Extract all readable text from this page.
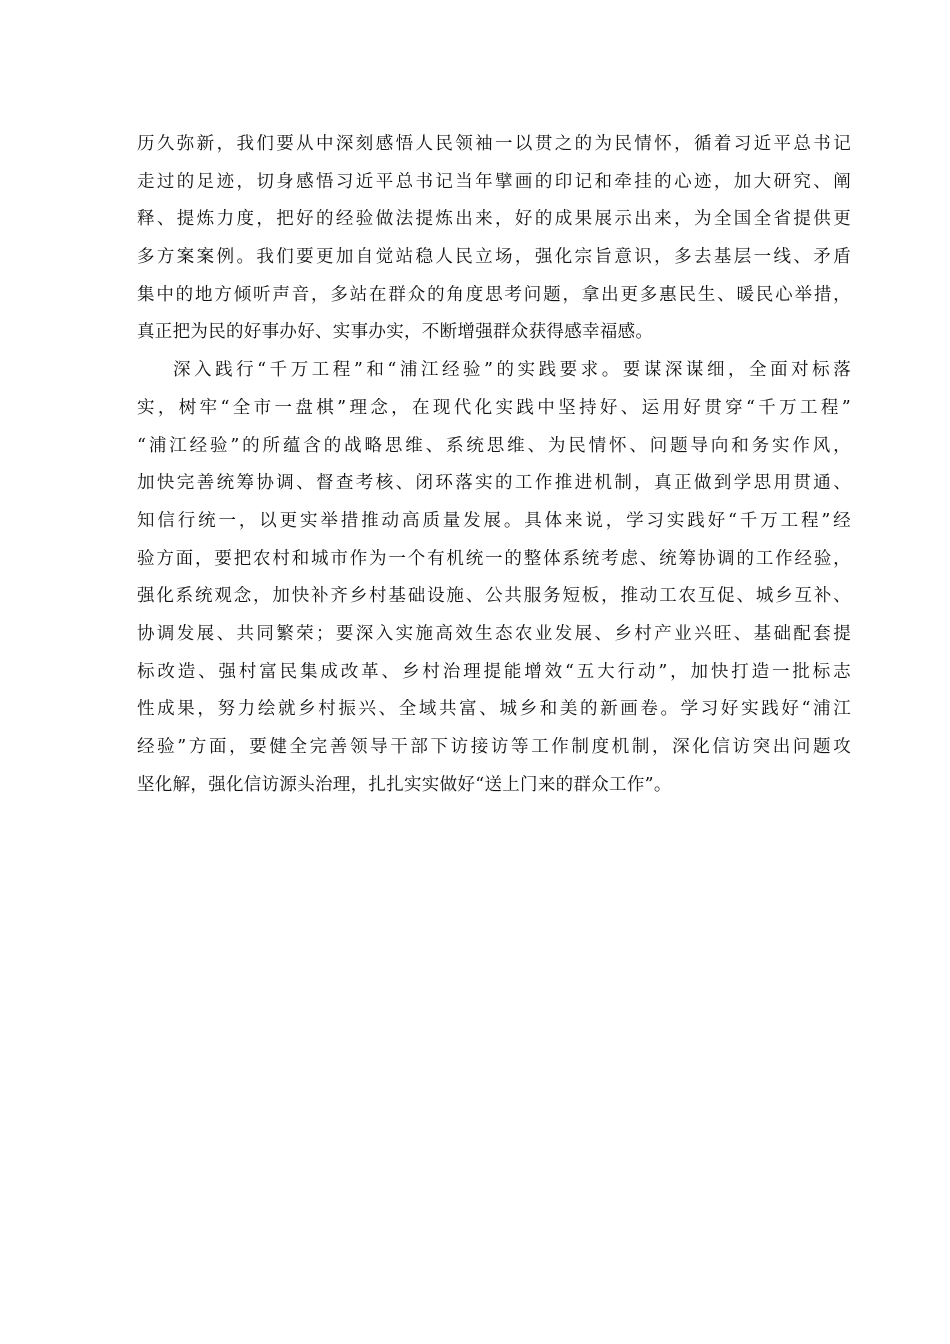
历久弥新，我们要从中深刻感悟人民领袖一以贯之的为民情怀，循着习近平总书记
走过的足迹，切身感悟习近平总书记当年擘画的印记和牵挂的心迹，加大研究、阐
释、提炼力度，把好的经验做法提炼出来，好的成果展示出来，为全国全省提供更
多方案案例。我们要更加自觉站稳人民立场，强化宗旨意识，多去基层一线、矛盾
集中的地方倾听声音，多站在群众的角度思考问题，拿出更多惠民生、暖民心举措，
真正把为民的好事办好、实事办实，不断增强群众获得感幸福感。
深入践行“千万工程”和“浦江经验”的实践要求。要谋深谋细，全面对标落
实，树牢“全市一盘棋”理念，在现代化实践中坚持好、运用好贯穿“千万工程”
“浦江经验”的所蕴含的战略思维、系统思维、为民情怀、问题导向和务实作风，
加快完善统筹协调、督查考核、闭环落实的工作推进机制，真正做到学思用贯通、
知信行统一，以更实举措推动高质量发展。具体来说，学习实践好“千万工程”经
验方面，要把农村和城市作为一个有机统一的整体系统考虑、统筹协调的工作经验，
强化系统观念，加快补齐乡村基础设施、公共服务短板，推动工农互促、城乡互补、
协调发展、共同繁荣；要深入实施高效生态农业发展、乡村产业兴旺、基础配套提
标改造、强村富民集成改革、乡村治理提能增效“五大行动”，加快打造一批标志
性成果，努力绘就乡村振兴、全域共富、城乡和美的新画卷。学习好实践好“浦江
经验”方面，要健全完善领导干部下访接访等工作制度机制，深化信访突出问题攻
坚化解，强化信访源头治理，扎扎实实做好“送上门来的群众工作”。
